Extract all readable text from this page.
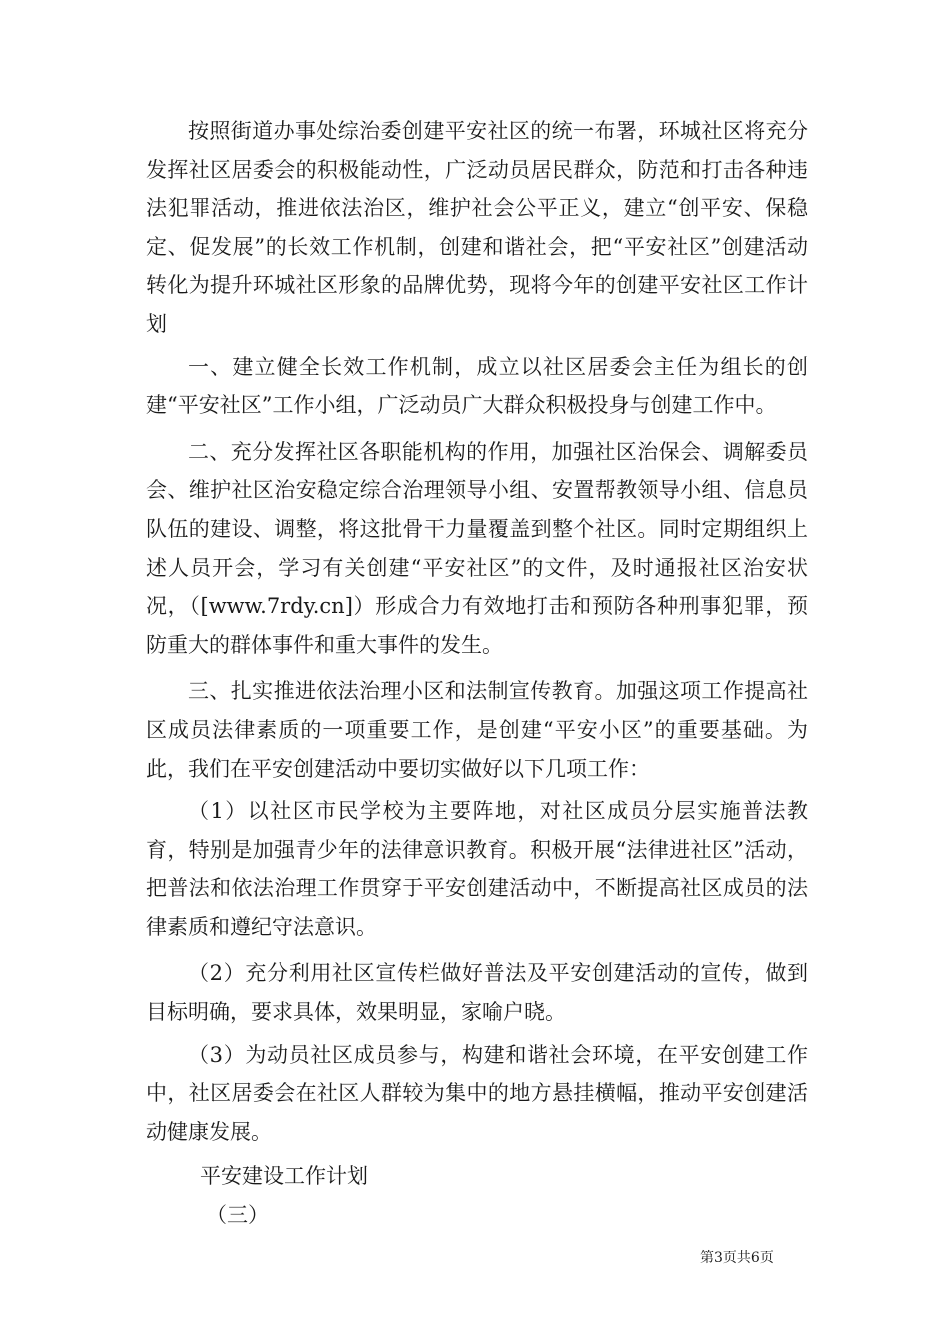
按照街道办事处综治委创建平安社区的统一布署，环城社区将充分发挥社区居委会的积极能动性，广泛动员居民群众，防范和打击各种违法犯罪活动，推进依法治区，维护社会公平正义，建立“创平安、保稳定、促发展”的长效工作机制，创建和谐社会，把“平安社区”创建活动转化为提升环城社区形象的品牌优势，现将今年的创建平安社区工作计划

一、建立健全长效工作机制，成立以社区居委会主任为组长的创建“平安社区”工作小组，广泛动员广大群众积极投身与创建工作中。

二、充分发挥社区各职能机构的作用，加强社区治保会、调解委员会、维护社区治安稳定综合治理领导小组、安置帮教领导小组、信息员队伍的建设、调整，将这批骨干力量覆盖到整个社区。同时定期组织上述人员开会，学习有关创建“平安社区”的文件，及时通报社区治安状况，（[www.7rdy.cn]）形成合力有效地打击和预防各种刑事犯罪，预防重大的群体事件和重大事件的发生。

三、扎实推进依法治理小区和法制宣传教育。加强这项工作提高社区成员法律素质的一项重要工作，是创建“平安小区”的重要基础。为此，我们在平安创建活动中要切实做好以下几项工作：

（1）以社区市民学校为主要阵地，对社区成员分层实施普法教育，特别是加强青少年的法律意识教育。积极开展“法律进社区”活动，把普法和依法治理工作贯穿于平安创建活动中，不断提高社区成员的法律素质和遵纪守法意识。

（2）充分利用社区宣传栏做好普法及平安创建活动的宣传，做到目标明确，要求具体，效果明显，家喻户晓。

（3）为动员社区成员参与，构建和谐社会环境，在平安创建工作中，社区居委会在社区人群较为集中的地方悬挂横幅，推动平安创建活动健康发展。

平安建设工作计划

（三）

第3页共6页
